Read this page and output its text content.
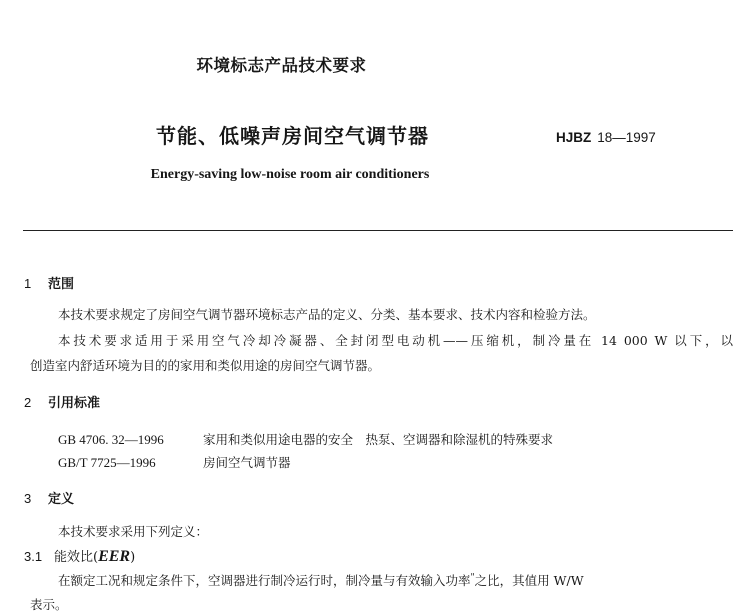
环境标志产品技术要求
节能、低噪声房间空气调节器	HJBZ 18—1997
Energy-saving low-noise room air conditioners
1 范围
本技术要求规定了房间空气调节器环境标志产品的定义、分类、基本要求、技术内容和检验方法。
本技术要求适用于采用空气冷却冷凝器、全封闭型电动机——压缩机，制冷量在 14 000 W 以下，以
创造室内舒适环境为目的的家用和类似用途的房间空气调节器。
2 引用标准
GB 4706. 32—1996	家用和类似用途电器的安全　热泵、空调器和除湿机的特殊要求
GB/T 7725—1996	房间空气调节器
3 定义
本技术要求采用下列定义：
3.1 能效比(EER)
在额定工况和规定条件下，空调器进行制冷运行时，制冷量与有效输入功率"之比，其值用 W/W
表示。
